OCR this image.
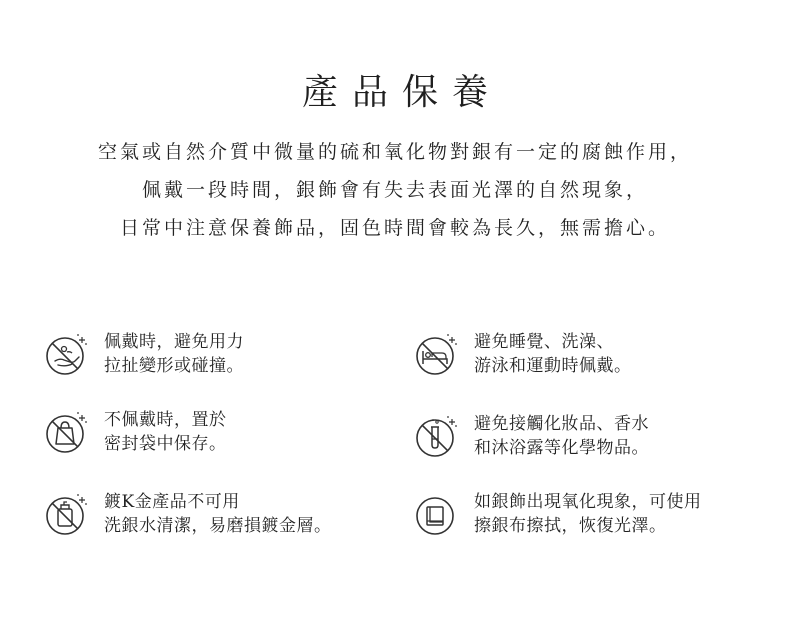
產品保養
空氣或自然介質中微量的硫和氧化物對銀有一定的腐蝕作用，
佩戴一段時間，銀飾會有失去表面光澤的自然現象，
日常中注意保養飾品，固色時間會較為長久，無需擔心。
佩戴時，避免用力
拉扯變形或碰撞。
避免睡覺、洗澡、
游泳和運動時佩戴。
不佩戴時，置於
密封袋中保存。
避免接觸化妝品、香水
和沐浴露等化學物品。
鍍K金產品不可用
洗銀水清潔，易磨損鍍金層。
如銀飾出現氧化現象，可使用
擦銀布擦拭，恢復光澤。
